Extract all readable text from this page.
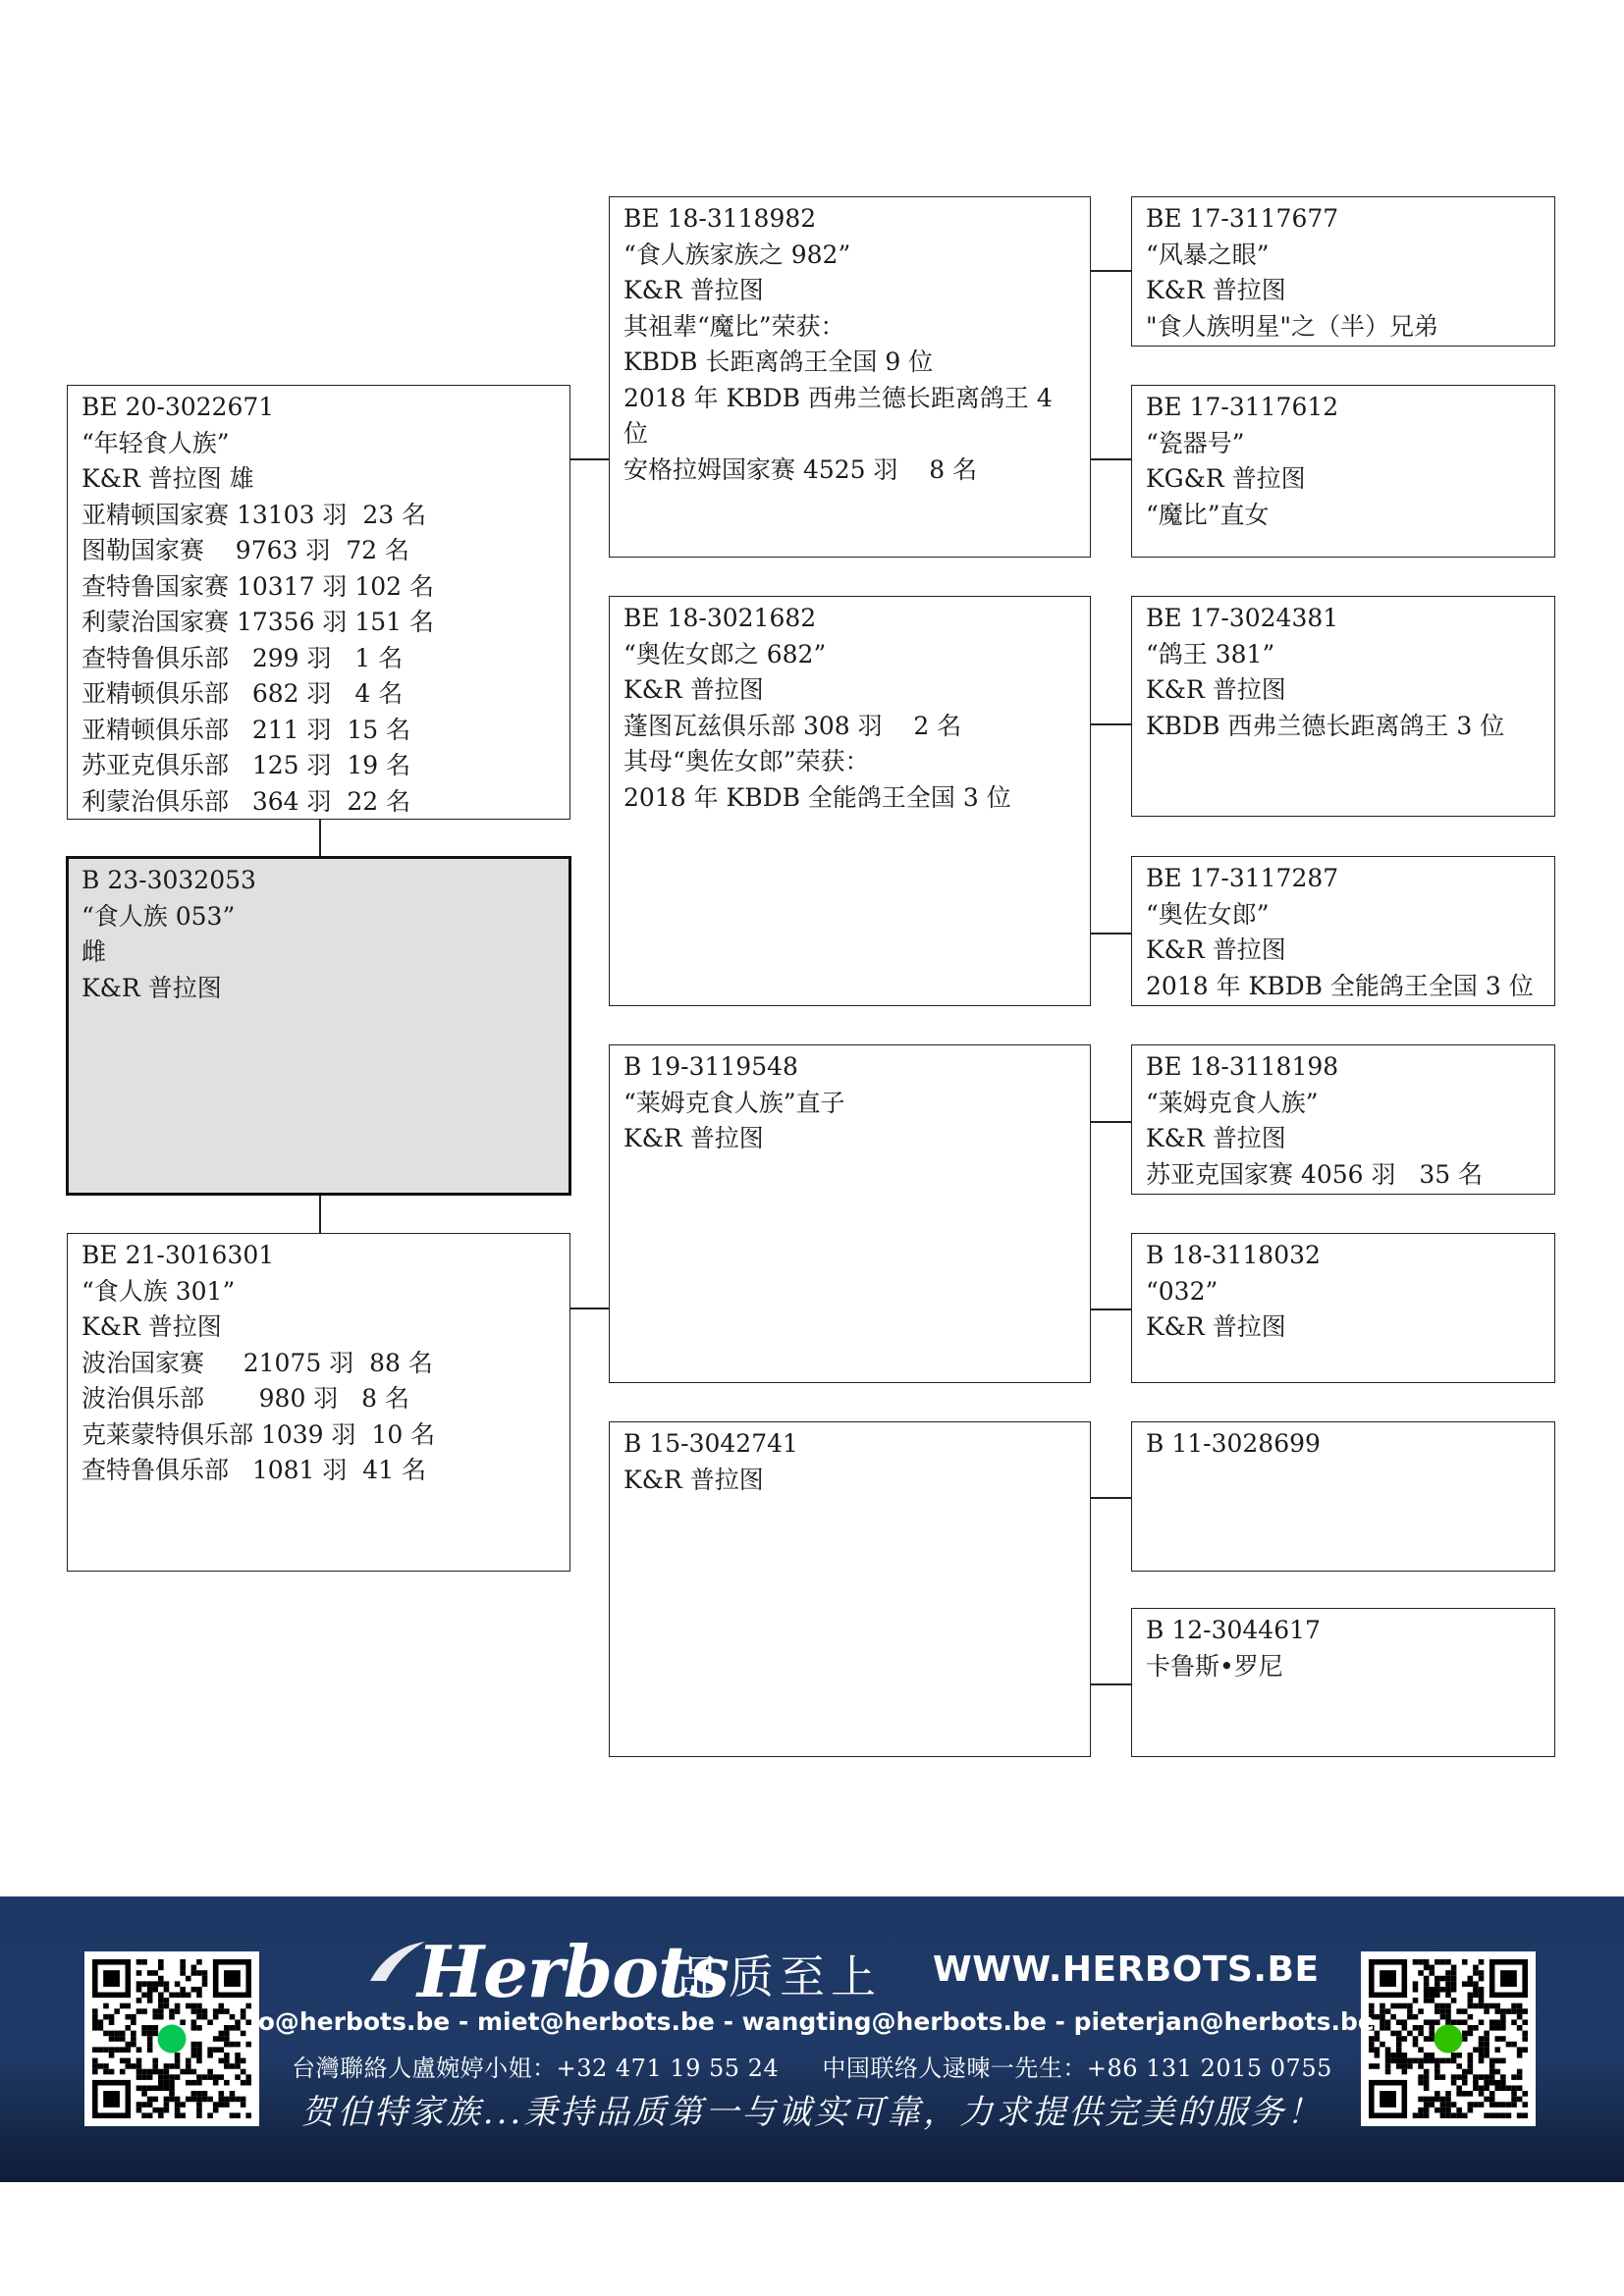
BE 20-3022671
“年轻食人族”
K&R 普拉图 雄
亚精顿国家赛 13103 羽  23 名
图勒国家赛    9763 羽  72 名
查特鲁国家赛 10317 羽 102 名
利蒙治国家赛 17356 羽 151 名
查特鲁俱乐部   299 羽   1 名
亚精顿俱乐部   682 羽   4 名
亚精顿俱乐部   211 羽  15 名
苏亚克俱乐部   125 羽  19 名
利蒙治俱乐部   364 羽  22 名
B 23-3032053
“食人族 053”
雌
K&R 普拉图
BE 21-3016301
“食人族 301”
K&R 普拉图
波治国家赛     21075 羽  88 名
波治俱乐部       980 羽   8 名
克莱蒙特俱乐部 1039 羽  10 名
查特鲁俱乐部   1081 羽  41 名
BE 18-3118982
“食人族家族之 982”
K&R 普拉图
其祖辈“魔比”荣获：
KBDB 长距离鸽王全国 9 位
2018 年 KBDB 西弗兰德长距离鸽王 4 位
安格拉姆国家赛 4525 羽    8 名
BE 18-3021682
“奥佐女郎之 682”
K&R 普拉图
蓬图瓦兹俱乐部 308 羽    2 名
其母“奥佐女郎”荣获：
2018 年 KBDB 全能鸽王全国 3 位
B 19-3119548
“莱姆克食人族”直子
K&R 普拉图
B 15-3042741
K&R 普拉图
BE 17-3117677
“风暴之眼”
K&R 普拉图
"食人族明星"之（半）兄弟
BE 17-3117612
“瓷器号”
KG&R 普拉图
“魔比”直女
BE 17-3024381
“鸽王 381”
K&R 普拉图
KBDB 西弗兰德长距离鸽王 3 位
BE 17-3117287
“奥佐女郎”
K&R 普拉图
2018 年 KBDB 全能鸽王全国 3 位
BE 18-3118198
“莱姆克食人族”
K&R 普拉图
苏亚克国家赛 4056 羽   35 名
B 18-3118032
“032”
K&R 普拉图
B 11-3028699
B 12-3044617
卡鲁斯•罗尼
Herbots
品质至上 WWW.HERBOTS.BE
jo@herbots.be - miet@herbots.be - wangting@herbots.be - pieterjan@herbots.be
台灣聯絡人盧婉婷小姐：+32 471 19 55 24 中国联络人逯暕一先生：+86 131 2015 0755
贺伯特家族...秉持品质第一与诚实可靠，力求提供完美的服务！
